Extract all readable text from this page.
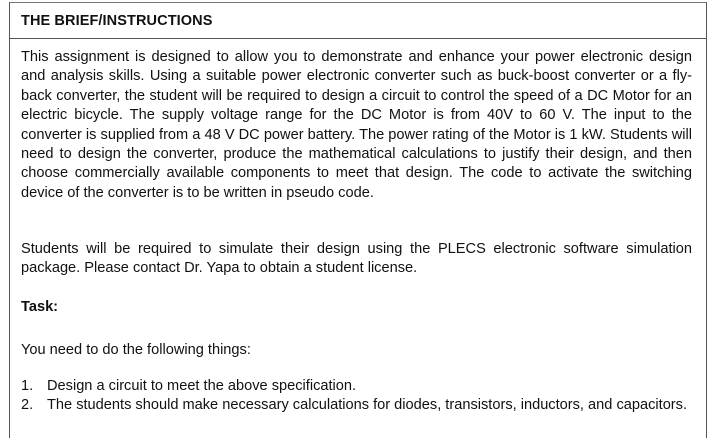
THE BRIEF/INSTRUCTIONS

This assignment is designed to allow you to demonstrate and enhance your power electronic design and analysis skills. Using a suitable power electronic converter such as buck-boost converter or a fly-back converter, the student will be required to design a circuit to control the speed of a DC Motor for an electric bicycle. The supply voltage range for the DC Motor is from 40V to 60 V. The input to the converter is supplied from a 48 V DC power battery. The power rating of the Motor is 1 kW. Students will need to design the converter, produce the mathematical calculations to justify their design, and then choose commercially available components to meet that design. The code to activate the switching device of the converter is to be written in pseudo code.

Students will be required to simulate their design using the PLECS electronic software simulation package. Please contact Dr. Yapa to obtain a student license.

Task:

You need to do the following things:

1. Design a circuit to meet the above specification.
2. The students should make necessary calculations for diodes, transistors, inductors, and capacitors.
